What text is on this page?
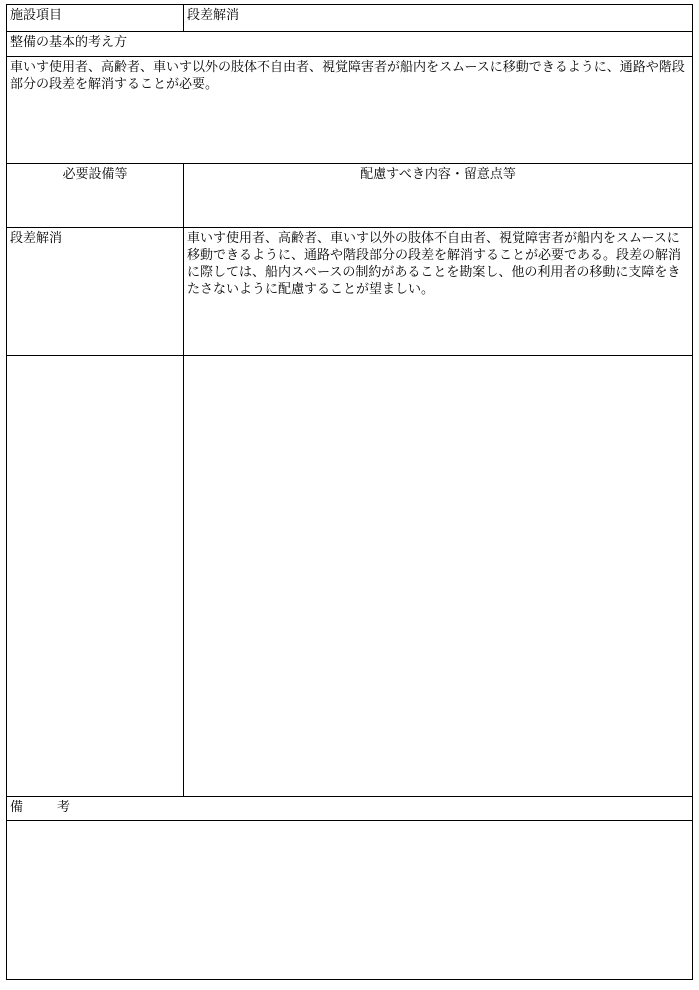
施設項目	段差解消
整備の基本的考え方
車いす使用者、高齢者、車いす以外の肢体不自由者、視覚障害者が船内をスムースに移動できるように、通路や階段部分の段差を解消することが必要。
必要設備等	配慮すべき内容・留意点等
段差解消	車いす使用者、高齢者、車いす以外の肢体不自由者、視覚障害者が船内をスムースに移動できるように、通路や階段部分の段差を解消することが必要である。段差の解消に際しては、船内スペースの制約があることを勘案し、他の利用者の移動に支障をきたさないように配慮することが望ましい。
備	考
